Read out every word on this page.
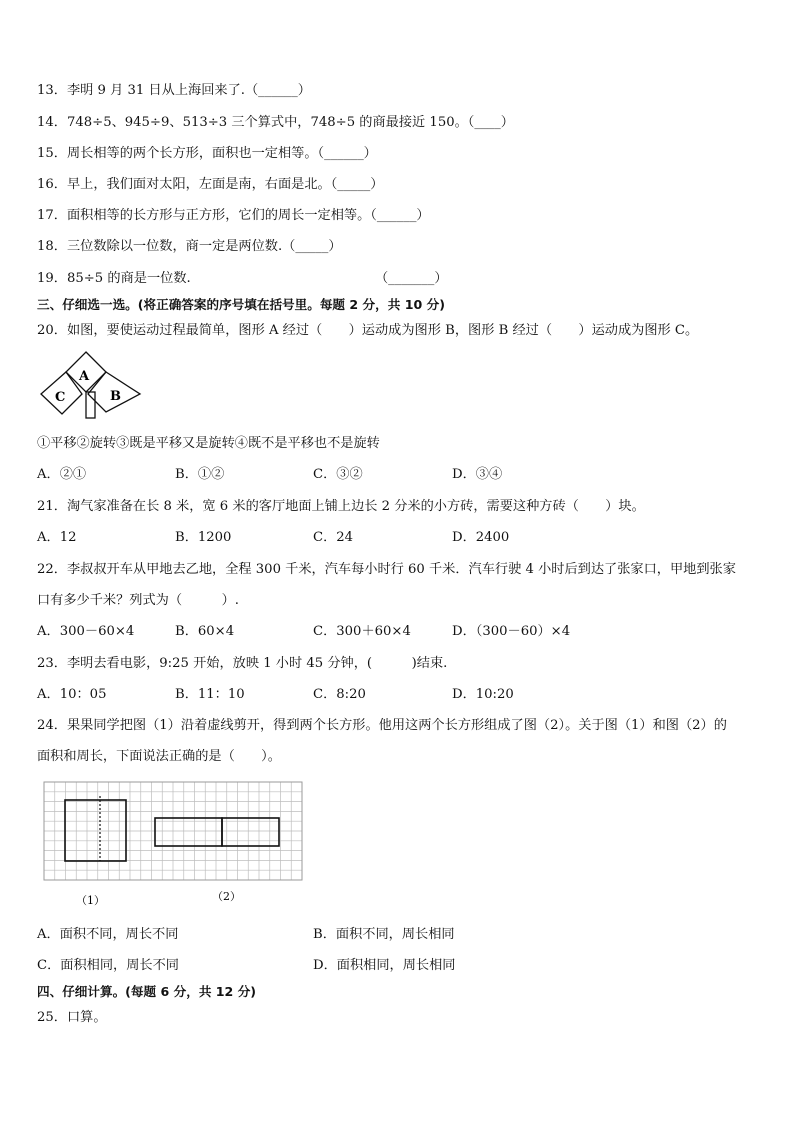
13．李明 9 月 31 日从上海回来了.（______）
14．748÷5、945÷9、513÷3 三个算式中，748÷5 的商最接近 150。（____）
15．周长相等的两个长方形，面积也一定相等。（______）
16．早上，我们面对太阳，左面是南，右面是北。（_____）
17．面积相等的长方形与正方形，它们的周长一定相等。（______）
18．三位数除以一位数，商一定是两位数.（_____）
19．85÷5 的商是一位数.	（_______）
三、仔细选一选。(将正确答案的序号填在括号里。每题 2 分，共 10 分)
20．如图，要使运动过程最简单，图形 A 经过（　　）运动成为图形 B，图形 B 经过（　　）运动成为图形 C。
A
B
C
①平移②旋转③既是平移又是旋转④既不是平移也不是旋转
A．②①	B．①②	C．③②	D．③④
21．淘气家准备在长 8 米，宽 6 米的客厅地面上铺上边长 2 分米的小方砖，需要这种方砖（　　）块。
A．12	B．1200	C．24	D．2400
22．李叔叔开车从甲地去乙地，全程 300 千米，汽车每小时行 60 千米．汽车行驶 4 小时后到达了张家口，甲地到张家
口有多少千米？列式为（　　　）.
A．300－60×4	B．60×4	C．300＋60×4	D．（300－60）×4
23．李明去看电影，9:25 开始，放映 1 小时 45 分钟，(　　　)结束.
A．10：05	B．11：10	C．8:20	D．10:20
24．果果同学把图（1）沿着虚线剪开，得到两个长方形。他用这两个长方形组成了图（2）。关于图（1）和图（2）的
面积和周长，下面说法正确的是（　　）。
（1）	（2）
A．面积不同，周长不同	B．面积不同，周长相同
C．面积相同，周长不同	D．面积相同，周长相同
四、仔细计算。(每题 6 分，共 12 分)
25．口算。
